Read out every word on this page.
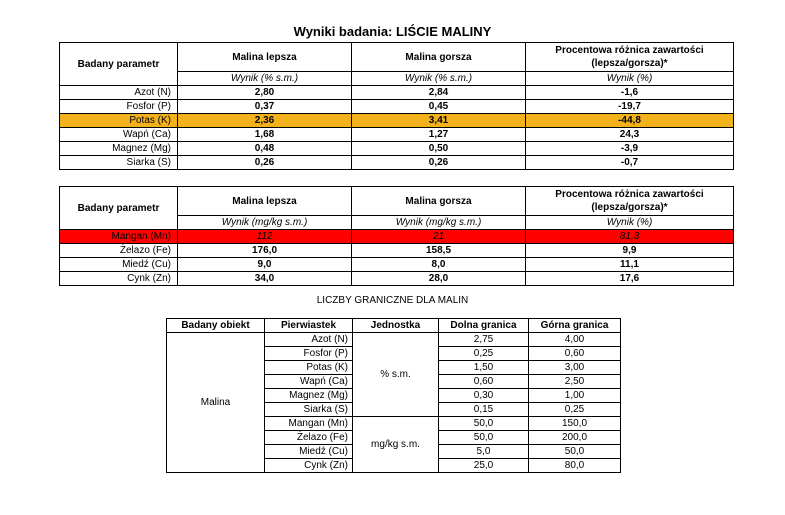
Wyniki badania: LIŚCIE MALINY
Badany parametr	Malina lepsza	Malina gorsza	Procentowa różnica zawartości
(lepsza/gorsza)*
	Wynik (% s.m.)	Wynik (% s.m.)	Wynik (%)
Azot (N)	2,80	2,84	-1,6
Fosfor (P)	0,37	0,45	-19,7
Potas (K)	2,36	3,41	-44,8
Wapń (Ca)	1,68	1,27	24,3
Magnez (Mg)	0,48	0,50	-3,9
Siarka (S)	0,26	0,26	-0,7
Badany parametr	Malina lepsza	Malina gorsza	Procentowa różnica zawartości
(lepsza/gorsza)*
	Wynik (mg/kg s.m.)	Wynik (mg/kg s.m.)	Wynik (%)
Mangan (Mn)	112	21	81,3
Żelazo (Fe)	176,0	158,5	9,9
Miedź (Cu)	9,0	8,0	11,1
Cynk (Zn)	34,0	28,0	17,6
LICZBY GRANICZNE DLA MALIN
Badany obiekt	Pierwiastek	Jednostka	Dolna granica	Górna granica
Malina	Azot (N)	% s.m.	2,75	4,00
	Fosfor (P)		0,25	0,60
	Potas (K)		1,50	3,00
	Wapń (Ca)		0,60	2,50
	Magnez (Mg)		0,30	1,00
	Siarka (S)		0,15	0,25
	Mangan (Mn)	mg/kg s.m.	50,0	150,0
	Żelazo (Fe)		50,0	200,0
	Miedź (Cu)		5,0	50,0
	Cynk (Zn)		25,0	80,0
